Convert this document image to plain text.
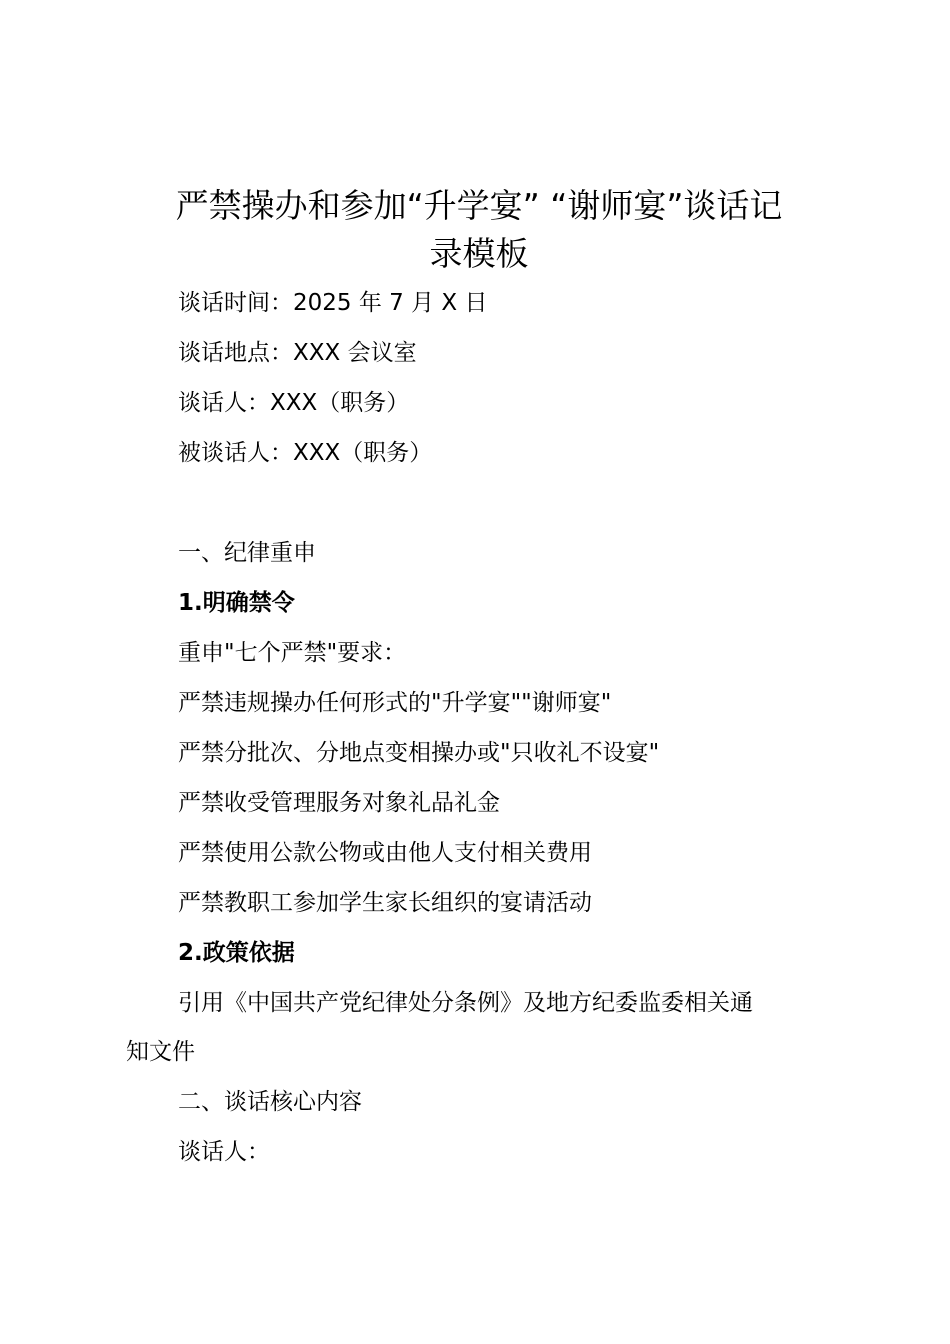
严禁操办和参加“升学宴” “谢师宴”谈话记
录模板
谈话时间：2025 年 7 月 X 日
谈话地点：XXX 会议室
谈话人：XXX（职务）
被谈话人：XXX（职务）
一、纪律重申
1.明确禁令
重申"七个严禁"要求：
严禁违规操办任何形式的"升学宴""谢师宴"
严禁分批次、分地点变相操办或"只收礼不设宴"
严禁收受管理服务对象礼品礼金
严禁使用公款公物或由他人支付相关费用
严禁教职工参加学生家长组织的宴请活动
2.政策依据
引用《中国共产党纪律处分条例》及地方纪委监委相关通
知文件
二、谈话核心内容
谈话人：
